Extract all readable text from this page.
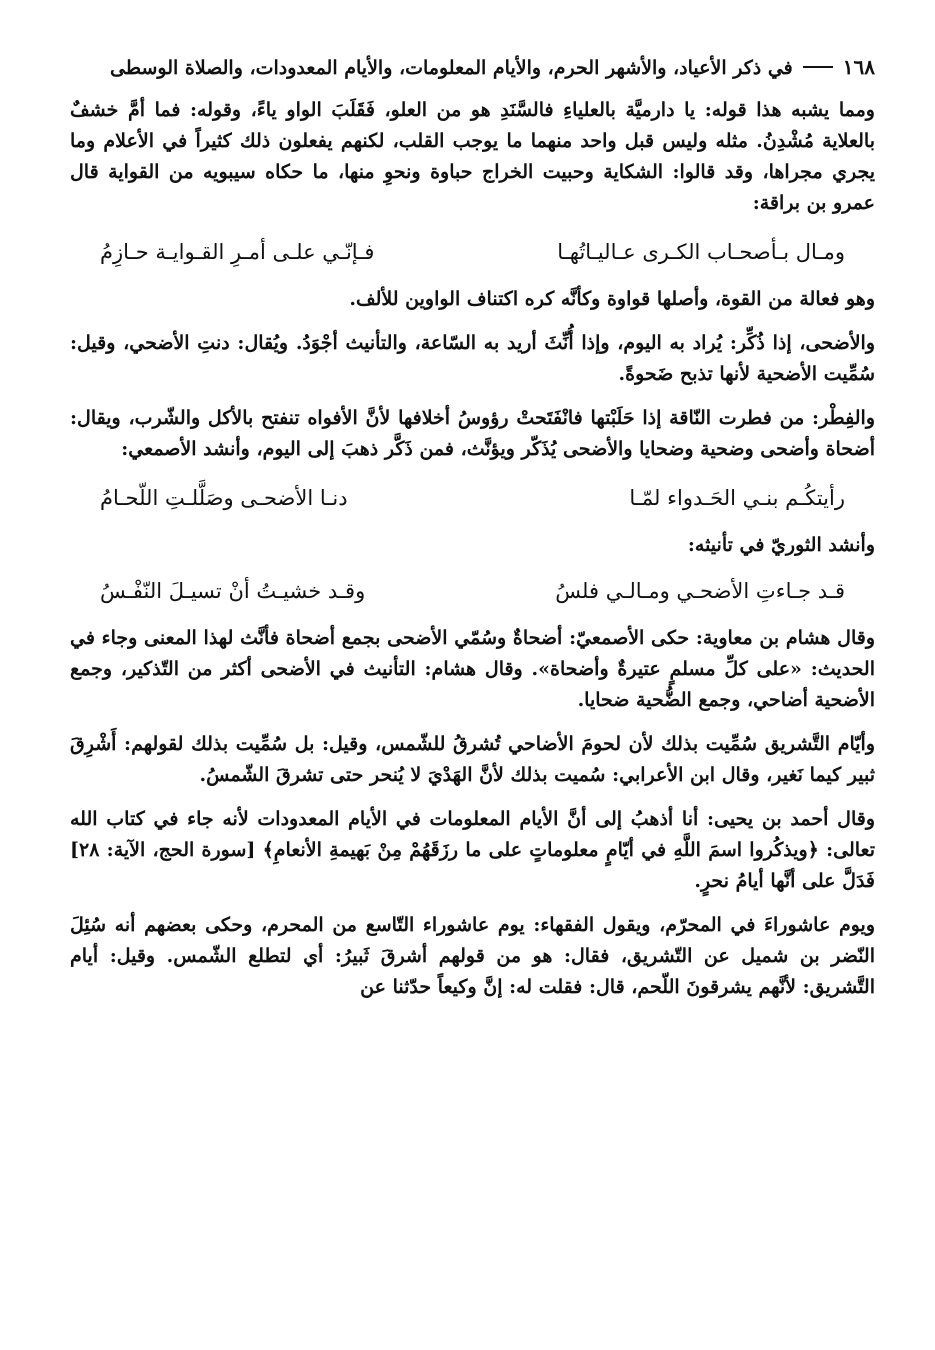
١٦٨
في ذكر الأعياد، والأشهر الحرم، والأيام المعلومات، والأيام المعدودات، والصلاة الوسطى

ومما يشبه هذا قوله: يا دارميَّة بالعلياءِ فالسَّنَدِ هو من العلو، فَقَلَبَ الواو ياءً، وقوله: فما أمَّ خشفٌ بالعلاية مُشْدِنُ. مثله وليس قبل واحد منهما ما يوجب القلب، لكنهم يفعلون ذلك كثيراً في الأعلام وما يجري مجراها، وقد قالوا: الشكاية وحبيت الخراج حباوة ونحوِ منها، ما حكاه سيبويه من القواية قال عمرو بن براقة:

ومـال بـأصحـاب الكـرى عـاليـاتُهـا
فـإنّـي علـى أمـرِ القـوايـة حـازِمُ

وهو فعالة من القوة، وأصلها قواوة وكأنَّه كره اكتناف الواوين للألف.

والأضحى، إذا ذُكِّر: يُراد به اليوم، وإذا أُنِّثَ أريد به السّاعة، والتأنيث أجْوَدُ. ويُقال: دنتِ الأضحي، وقيل: سُمِّيت الأضحية لأنها تذبح ضَحوةً.

والفِطْر: من فطرت النّاقة إذا حَلَبْتها فانْفَتَحتْ رؤوسُ أخلافها لأنَّ الأفواه تنفتح بالأكل والشّرب، ويقال: أضحاة وأضحى وضحية وضحايا والأضحى يُذَكّر ويؤنَّث، فمن ذَكَّر ذهبَ إلى اليوم، وأنشد الأصمعي:

رأيتكُـم بنـي الحَـدواء لمّـا
دنـا الأضحـى وصَلَّلـتِ اللّحـامُ

وأنشد الثوريّ في تأنيثه:

قـد جـاءتِ الأضحـي ومـالـي فلسُ
وقـد خشيـتُ أنْ تسيـلَ النّفْـسُ

وقال هشام بن معاوية: حكى الأصمعيّ: أضحاةٌ وسُمّي الأضحى بجمع أضحاة فأنَّث لهذا المعنى وجاء في الحديث: «على كلِّ مسلمٍ عتيرةٌ وأضحاة». وقال هشام: التأنيث في الأضحى أكثر من التّذكير، وجمع الأضحية أضاحي، وجمع الضُّحية ضحايا.

وأيّام التَّشريق سُمِّيت بذلك لأن لحومَ الأضاحي تُشرقُ للشّمس، وقيل: بل سُمِّيت بذلك لقولهم: أَشْرِقَ ثبير كيما نَغير، وقال ابن الأعرابي: سُميت بذلك لأنَّ الهَدْيَ لا يُنحر حتى تشرقَ الشّمسُ.

وقال أحمد بن يحيى: أنا أذهبُ إلى أنَّ الأيام المعلومات في الأيام المعدودات لأنه جاء في كتاب الله تعالى: ﴿ويذكُروا اسمَ اللَّهِ في أيّامٍ معلوماتٍ على ما رزَقَهُمْ مِنْ بَهيمةِ الأنعامِ﴾ [سورة الحج، الآية: ٢٨] فَدَلَّ على أنَّها أيامُ نحرٍ.

ويوم عاشوراءَ في المحرّم، ويقول الفقهاء: يوم عاشوراء التّاسع من المحرم، وحكى بعضهم أنه سُئِلَ النّضر بن شميل عن التّشريق، فقال: هو من قولهم أشرقَ ثَبيرُ: أي لتطلع الشّمس. وقيل: أيام التَّشريق: لأنَّهم يشرقونَ اللّحم، قال: فقلت له: إنَّ وكيعاً حدّثنا عن
